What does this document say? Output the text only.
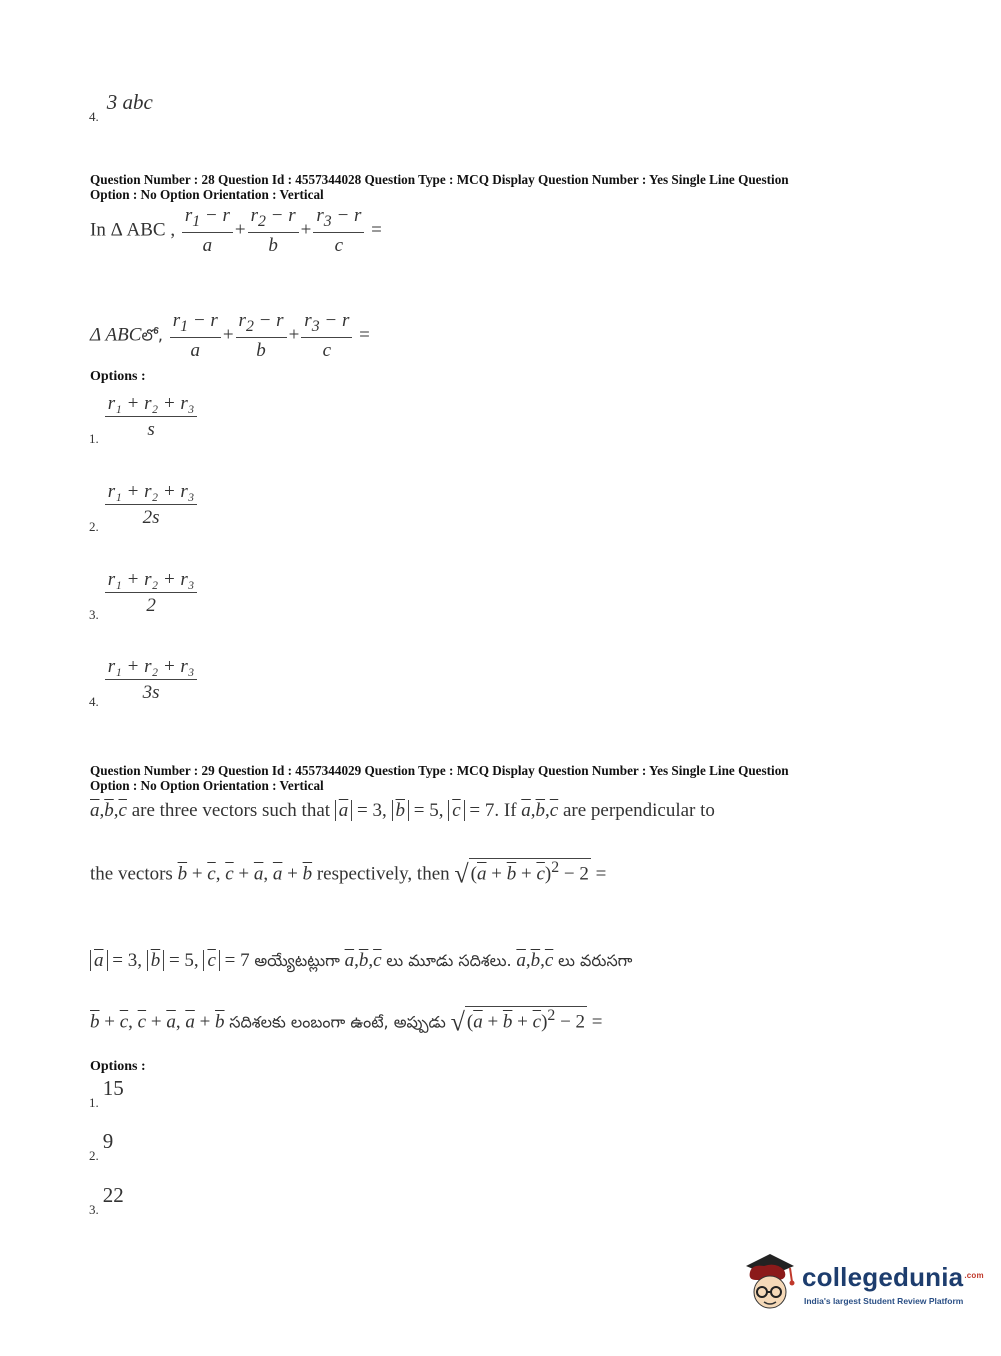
$_{4.}$ 3 abc
Question Number : 28 Question Id : 4557344028 Question Type : MCQ Display Question Number : Yes Single Line Question
Option : No Option Orientation : Vertical
In Δ ABC , $\frac{r_1 - r}{a} + \frac{r_2 - r}{b} + \frac{r_3 - r}{c}$ =
Δ ABCలో, $\frac{r_1 - r}{a} + \frac{r_2 - r}{b} + \frac{r_3 - r}{c}$ =
Options :
$_{1.} \frac{\text{r₁ + r₂ + r₃}}{s}$
$_{2.} \frac{\text{r₁ + r₂ + r₃}}{2s}$
$_{3.} \frac{\text{r₁ + r₂ + r₃}}{2}$
$_{4.} \frac{\text{r₁ + r₂ + r₃}}{3s}$
Question Number : 29 Question Id : 4557344029 Question Type : MCQ Display Question Number : Yes Single Line Question
Option : No Option Orientation : Vertical
$\overline{a},\overline{b},\overline{c}$ are three vectors such that $\overline{a} = 3$, $\overline{b} = 5$, $\overline{c} = 7$. If $\overline{a},\overline{b},\overline{c}$ are perpendicular to
the vectors $\overline{b} + \overline{c}$, $\overline{c} + \overline{a}$, $\overline{a} + \overline{b}$ respectively, then √ $(\overline{a} + \overline{b} + \overline{c})^2 - 2$ =
$\overline{a} = 3$, $\overline{b} = 5$, $\overline{c} = 7$ అయ్యేటట్లుగా $\overline{a},\overline{b},\overline{c}$ లు మూడు సదిశలు. $\overline{a},\overline{b},\overline{c}$ లు వరుసగా
$\overline{b} + \overline{c}$, $\overline{c} + \overline{a}$, $\overline{a} + \overline{b}$ సదిశలకు లంబంగా ఉంటే, అప్పుడు √ $(\overline{a} + \overline{b} + \overline{c})^2 - 2$ =
Options :
$_{1.}$ 15
$_{2.}$ 9
$_{3.}$ 22
collegedunia$^{.com}$
India's largest Student Review Platform
